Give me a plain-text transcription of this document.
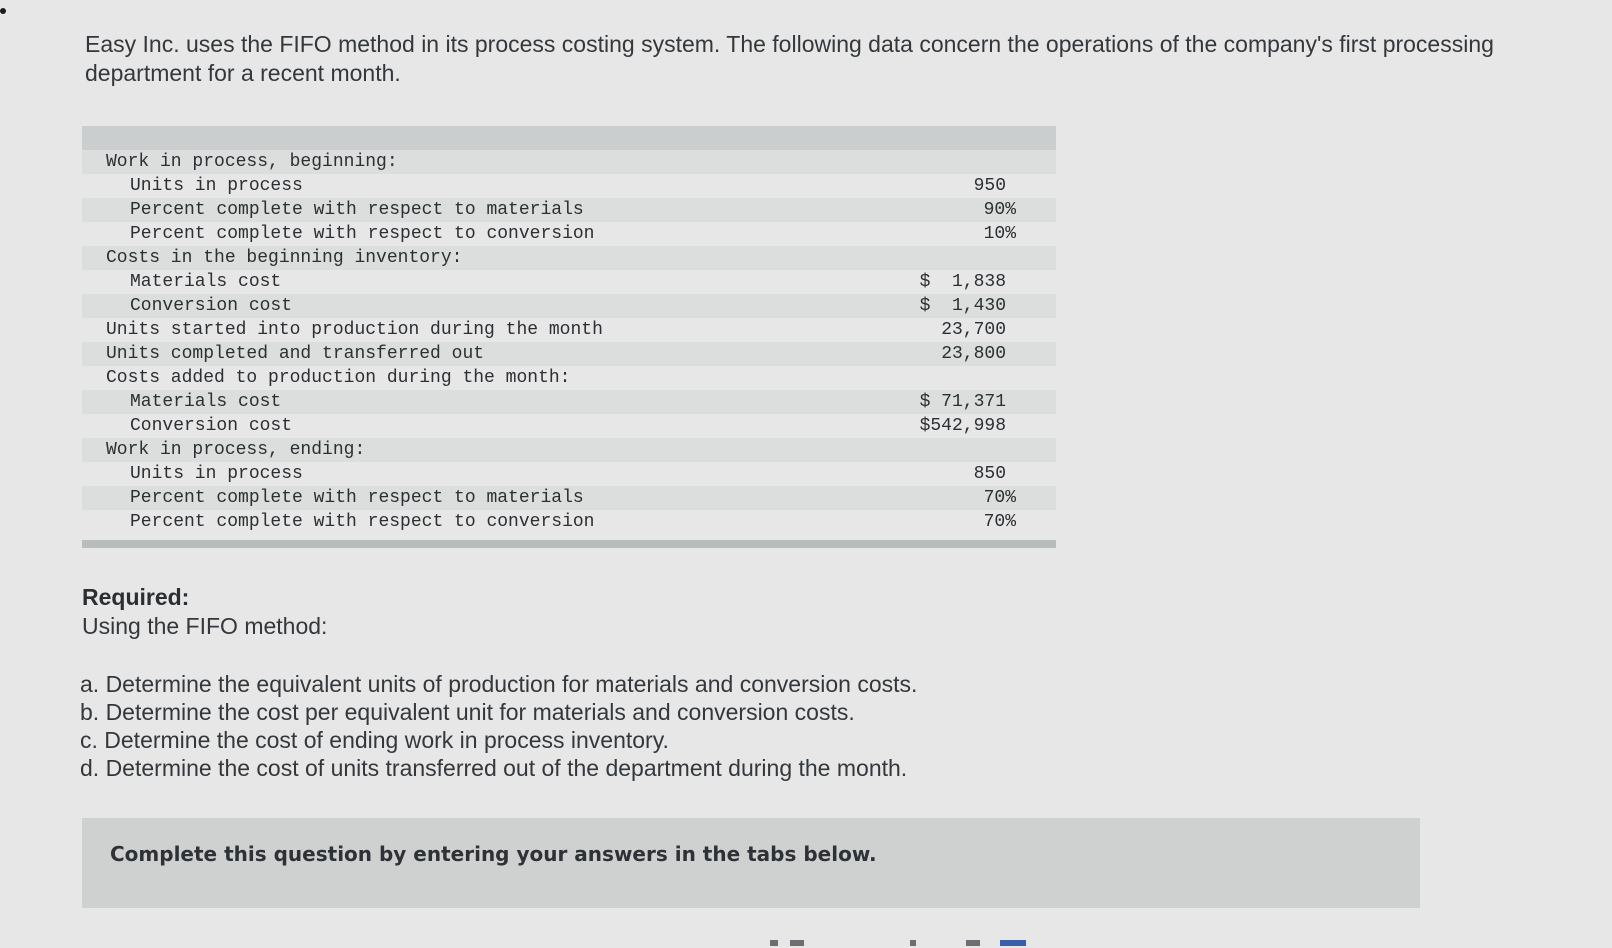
Easy Inc. uses the FIFO method in its process costing system. The following data concern the operations of the company's first processing department for a recent month.
Work in process, beginning:
Units in process	950
Percent complete with respect to materials	90%
Percent complete with respect to conversion	10%
Costs in the beginning inventory:
Materials cost	$  1,838
Conversion cost	$  1,430
Units started into production during the month	23,700
Units completed and transferred out	23,800
Costs added to production during the month:
Materials cost	$ 71,371
Conversion cost	$542,998
Work in process, ending:
Units in process	850
Percent complete with respect to materials	70%
Percent complete with respect to conversion	70%
Required:
Using the FIFO method:
a. Determine the equivalent units of production for materials and conversion costs.
b. Determine the cost per equivalent unit for materials and conversion costs.
c. Determine the cost of ending work in process inventory.
d. Determine the cost of units transferred out of the department during the month.
Complete this question by entering your answers in the tabs below.
